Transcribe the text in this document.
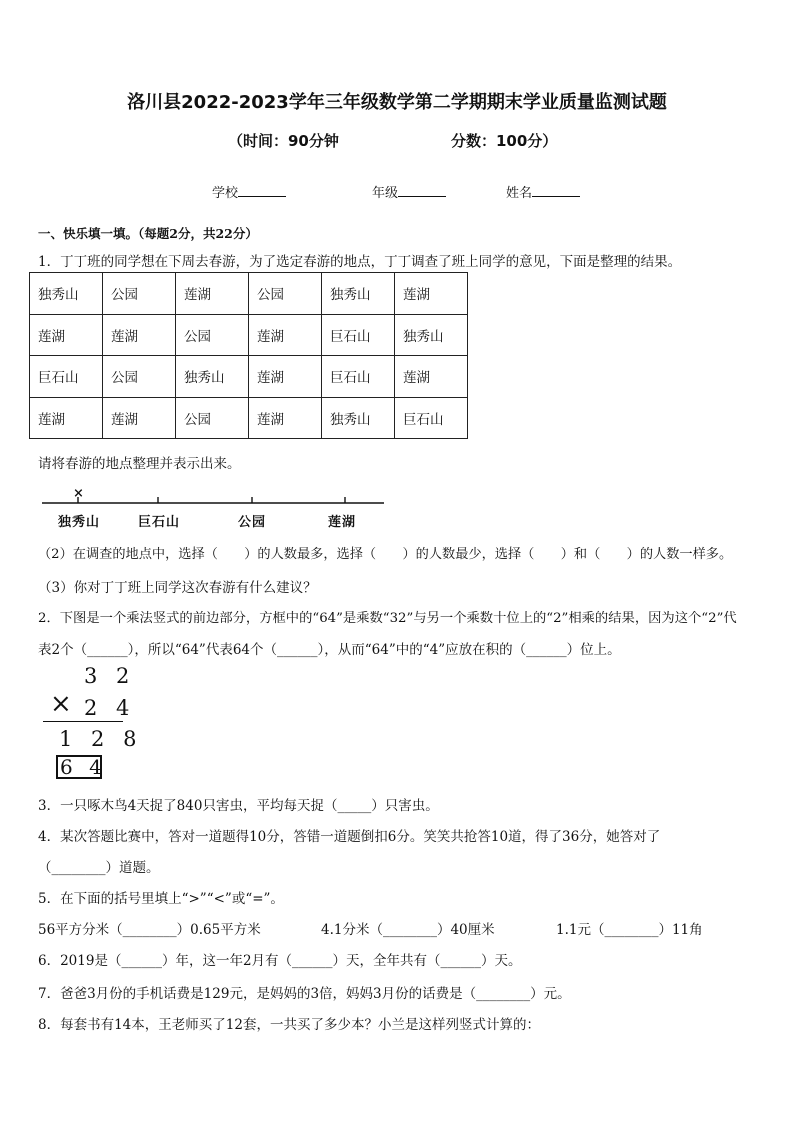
洛川县2022-2023学年三年级数学第二学期期末学业质量监测试题
（时间：90分钟	分数：100分）
学校	年级	姓名
一、快乐填一填。（每题2分，共22分）
1．丁丁班的同学想在下周去春游，为了选定春游的地点，丁丁调查了班上同学的意见，下面是整理的结果。
独秀山	公园	莲湖	公园	独秀山	莲湖
莲湖	莲湖	公园	莲湖	巨石山	独秀山
巨石山	公园	独秀山	莲湖	巨石山	莲湖
莲湖	莲湖	公园	莲湖	独秀山	巨石山
请将春游的地点整理并表示出来。
×
独秀山	巨石山	公园	莲湖
（2）在调查的地点中，选择（　　）的人数最多，选择（　　）的人数最少，选择（　　）和（　　）的人数一样多。
（3）你对丁丁班上同学这次春游有什么建议？
2．下图是一个乘法竖式的前边部分，方框中的“64”是乘数“32”与另一个乘数十位上的“2”相乘的结果，因为这个“2”代
表2个（______），所以“64”代表64个（______），从而“64”中的“4”应放在积的（______）位上。
3 2
× 2 4
1 2 8
6 4
3．一只啄木鸟4天捉了840只害虫，平均每天捉（_____）只害虫。
4．某次答题比赛中，答对一道题得10分，答错一道题倒扣6分。笑笑共抢答10道，得了36分，她答对了
（________）道题。
5．在下面的括号里填上“>”“<”或“=”。
56平方分米（________）0.65平方米	4.1分米（________）40厘米	1.1元（________）11角
6．2019是（______）年，这一年2月有（______）天，全年共有（______）天。
7．爸爸3月份的手机话费是129元，是妈妈的3倍，妈妈3月份的话费是（________）元。
8．每套书有14本，王老师买了12套，一共买了多少本？小兰是这样列竖式计算的：
